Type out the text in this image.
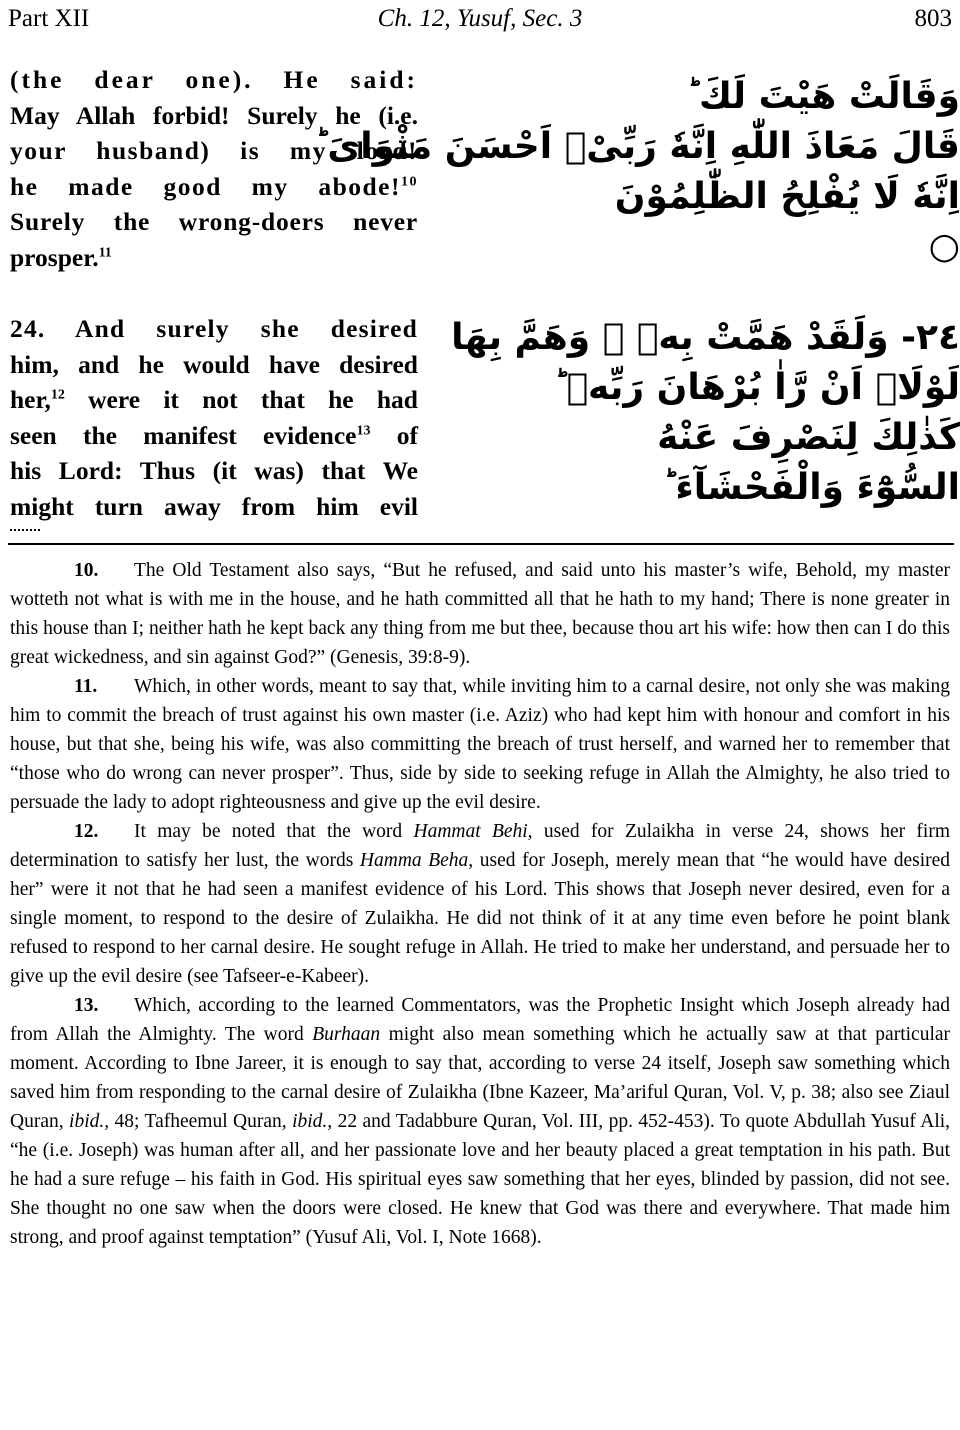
Part XII	Ch. 12, Yusuf, Sec. 3	803
(the dear one). He said:
May Allah forbid! Surely he (i.e.
your husband) is my lord!
he made good my abode!$^{10}$
Surely the wrong-doers never
prosper.$^{11}$
وَقَالَتْ هَيْتَ لَكَ ؕ
قَالَ مَعَاذَ اللّٰهِ اِنَّهٗ رَبِّىْۤ اَحْسَنَ مَثْوَاىَ ؕ
اِنَّهٗ لَا يُفْلِحُ الظّٰلِمُوْنَ
○
24. And surely she desired
him, and he would have desired
her,$^{12}$ were it not that he had
seen the manifest evidence$^{13}$ of
his Lord: Thus (it was) that We
might turn away from him evil
٢٤- وَلَقَدْ هَمَّتْ بِهٖ ۚ وَهَمَّ بِهَا
لَوْلَاۤ اَنْ رَّاٰ بُرْهَانَ رَبِّهٖ ؕ
كَذٰلِكَ لِنَصْرِفَ عَنْهُ
السُّوْٓءَ وَالْفَحْشَآءَ ؕ

10. The Old Testament also says, “But he refused, and said unto his master’s wife, Behold, my master wotteth not what is with me in the house, and he hath committed all that he hath to my hand; There is none greater in this house than I; neither hath he kept back any thing from me but thee, because thou art his wife: how then can I do this great wickedness, and sin against God?” (Genesis, 39:8-9).

11. Which, in other words, meant to say that, while inviting him to a carnal desire, not only she was making him to commit the breach of trust against his own master (i.e. Aziz) who had kept him with honour and comfort in his house, but that she, being his wife, was also committing the breach of trust herself, and warned her to remember that “those who do wrong can never prosper”. Thus, side by side to seeking refuge in Allah the Almighty, he also tried to persuade the lady to adopt righteousness and give up the evil desire.

12. It may be noted that the word Hammat Behi, used for Zulaikha in verse 24, shows her firm determination to satisfy her lust, the words Hamma Beha, used for Joseph, merely mean that “he would have desired her” were it not that he had seen a manifest evidence of his Lord. This shows that Joseph never desired, even for a single moment, to respond to the desire of Zulaikha. He did not think of it at any time even before he point blank refused to respond to her carnal desire. He sought refuge in Allah. He tried to make her understand, and persuade her to give up the evil desire (see Tafseer-e-Kabeer).

13. Which, according to the learned Commentators, was the Prophetic Insight which Joseph already had from Allah the Almighty. The word Burhaan might also mean something which he actually saw at that particular moment. According to Ibne Jareer, it is enough to say that, according to verse 24 itself, Joseph saw something which saved him from responding to the carnal desire of Zulaikha (Ibne Kazeer, Ma’ariful Quran, Vol. V, p. 38; also see Ziaul Quran, ibid., 48; Tafheemul Quran, ibid., 22 and Tadabbure Quran, Vol. III, pp. 452-453). To quote Abdullah Yusuf Ali, “he (i.e. Joseph) was human after all, and her passionate love and her beauty placed a great temptation in his path. But he had a sure refuge – his faith in God. His spiritual eyes saw something that her eyes, blinded by passion, did not see. She thought no one saw when the doors were closed. He knew that God was there and everywhere. That made him strong, and proof against temptation” (Yusuf Ali, Vol. I, Note 1668).
